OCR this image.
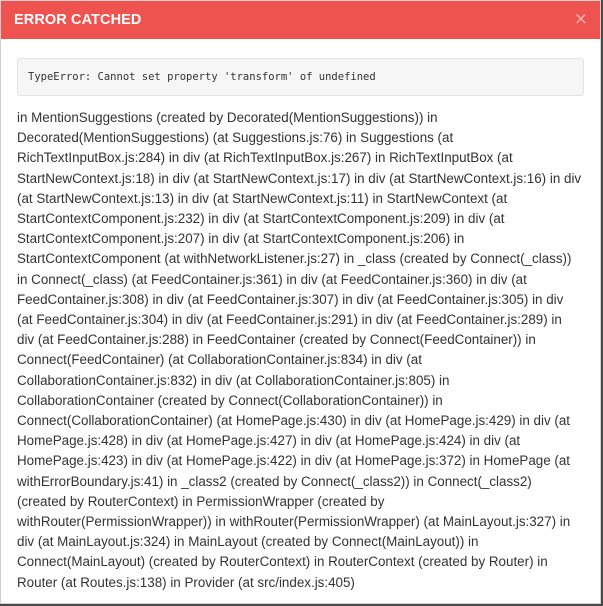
ERROR CATCHED	×
TypeError: Cannot set property 'transform' of undefined
in MentionSuggestions (created by Decorated(MentionSuggestions)) in Decorated(MentionSuggestions) (at Suggestions.js:76) in Suggestions (at RichTextInputBox.js:284) in div (at RichTextInputBox.js:267) in RichTextInputBox (at StartNewContext.js:18) in div (at StartNewContext.js:17) in div (at StartNewContext.js:16) in div (at StartNewContext.js:13) in div (at StartNewContext.js:11) in StartNewContext (at StartContextComponent.js:232) in div (at StartContextComponent.js:209) in div (at StartContextComponent.js:207) in div (at StartContextComponent.js:206) in StartContextComponent (at withNetworkListener.js:27) in _class (created by Connect(_class)) in Connect(_class) (at FeedContainer.js:361) in div (at FeedContainer.js:360) in div (at FeedContainer.js:308) in div (at FeedContainer.js:307) in div (at FeedContainer.js:305) in div (at FeedContainer.js:304) in div (at FeedContainer.js:291) in div (at FeedContainer.js:289) in div (at FeedContainer.js:288) in FeedContainer (created by Connect(FeedContainer)) in Connect(FeedContainer) (at CollaborationContainer.js:834) in div (at CollaborationContainer.js:832) in div (at CollaborationContainer.js:805) in CollaborationContainer (created by Connect(CollaborationContainer)) in Connect(CollaborationContainer) (at HomePage.js:430) in div (at HomePage.js:429) in div (at HomePage.js:428) in div (at HomePage.js:427) in div (at HomePage.js:424) in div (at HomePage.js:423) in div (at HomePage.js:422) in div (at HomePage.js:372) in HomePage (at withErrorBoundary.js:41) in _class2 (created by Connect(_class2)) in Connect(_class2) (created by RouterContext) in PermissionWrapper (created by withRouter(PermissionWrapper)) in withRouter(PermissionWrapper) (at MainLayout.js:327) in div (at MainLayout.js:324) in MainLayout (created by Connect(MainLayout)) in Connect(MainLayout) (created by RouterContext) in RouterContext (created by Router) in Router (at Routes.js:138) in Provider (at src/index.js:405)
